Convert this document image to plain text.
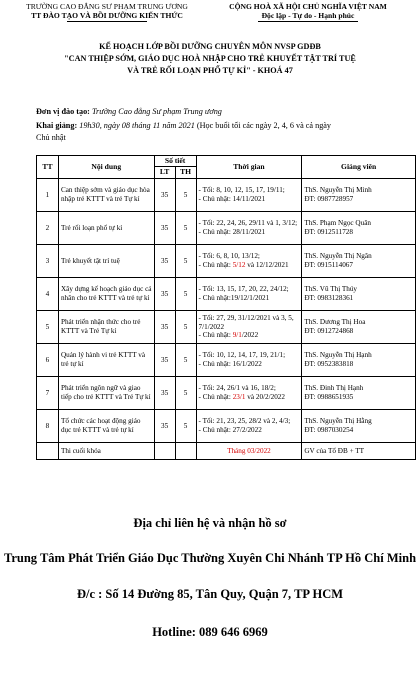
TRƯỜNG CAO ĐẲNG SƯ PHẠM TRUNG ƯƠNG
TT ĐÀO TẠO VÀ BỒI DƯỠNG KIẾN THỨC
CỘNG HOÀ XÃ HỘI CHỦ NGHĨA VIỆT NAM
Độc lập - Tự do - Hạnh phúc
KẾ HOẠCH LỚP BỒI DƯỠNG CHUYÊN MÔN NVSP GDĐB
"CAN THIỆP SỚM, GIÁO DỤC HOÀ NHẬP CHO TRẺ KHUYẾT TẬT TRÍ TUỆ
VÀ TRẺ RỐI LOẠN PHỔ TỰ KỈ" - KHOÁ 47
Đơn vị đào tạo: Trường Cao đẳng Sư phạm Trung ương
Khai giảng: 19h30, ngày 08 tháng 11 năm 2021 (Học buổi tối các ngày 2, 4, 6 và cả ngày
Chủ nhật
TT	Nội dung	Số tiết		Thời gian	Giảng viên
		LT	TH		
1	Can thiệp sớm và giáo dục hòa nhập trẻ KTTT và trẻ Tự kỉ	35	5	- Tối: 8, 10, 12, 15, 17, 19/11;
- Chủ nhật: 14/11/2021	ThS. Nguyễn Thị Minh
ĐT: 0987728957

2	Trẻ rối loạn phổ tự kỉ	35	5	- Tối: 22, 24, 26, 29/11 và 1, 3/12;
- Chủ nhật: 28/11/2021	ThS. Phạm Ngọc Quân
ĐT: 0912511728

3	Trẻ khuyết tật trí tuệ	35	5	- Tối: 6, 8, 10, 13/12;
- Chủ nhật: 5/12 và 12/12/2021	ThS. Nguyễn Thị Ngân
ĐT: 0915114067

4	Xây dựng kế hoạch giáo dục cá nhân cho trẻ KTTT và trẻ tự kỉ	35	5	- Tối: 13, 15, 17, 20, 22, 24/12;
- Chủ nhật:19/12/1/2021	ThS. Vũ Thị Thúy
ĐT: 0983128361

5	Phát triển nhận thức cho trẻ KTTT và Trẻ Tự kỉ	35	5	- Tối: 27, 29, 31/12/2021 và 3, 5, 7/1/2022
- Chủ nhật: 9/1/2022	ThS. Dương Thị Hoa
ĐT: 0912724868

6	Quản lý hành vi trẻ KTTT và trẻ tự kỉ	35	5	- Tối: 10, 12, 14, 17, 19, 21/1;
- Chủ nhật: 16/1/2022	ThS. Nguyễn Thị Hạnh
ĐT: 0952383818

7	Phát triển ngôn ngữ và giao tiếp cho trẻ KTTT và Trẻ Tự kỉ	35	5	- Tối: 24, 26/1 và 16, 18/2;
- Chủ nhật: 23/1 và 20/2/2022	ThS. Đinh Thị Hạnh
ĐT: 0988651935

8	Tổ chức các hoạt động giáo dục trẻ KTTT và trẻ tự kỉ	35	5	- Tối: 21, 23, 25, 28/2 và 2, 4/3;
- Chủ nhật: 27/2/2022	ThS. Nguyễn Thị Hằng
ĐT: 0987030254

	Thi cuối khóa			Tháng 03/2022	GV của Tổ ĐB + TT
Địa chỉ liên hệ và nhận hồ sơ
Trung Tâm Phát Triển Giáo Dục Thường Xuyên Chi Nhánh TP Hồ Chí Minh
Đ/c : Số 14 Đường 85, Tân Quy, Quận 7, TP HCM
Hotline: 089 646 6969
